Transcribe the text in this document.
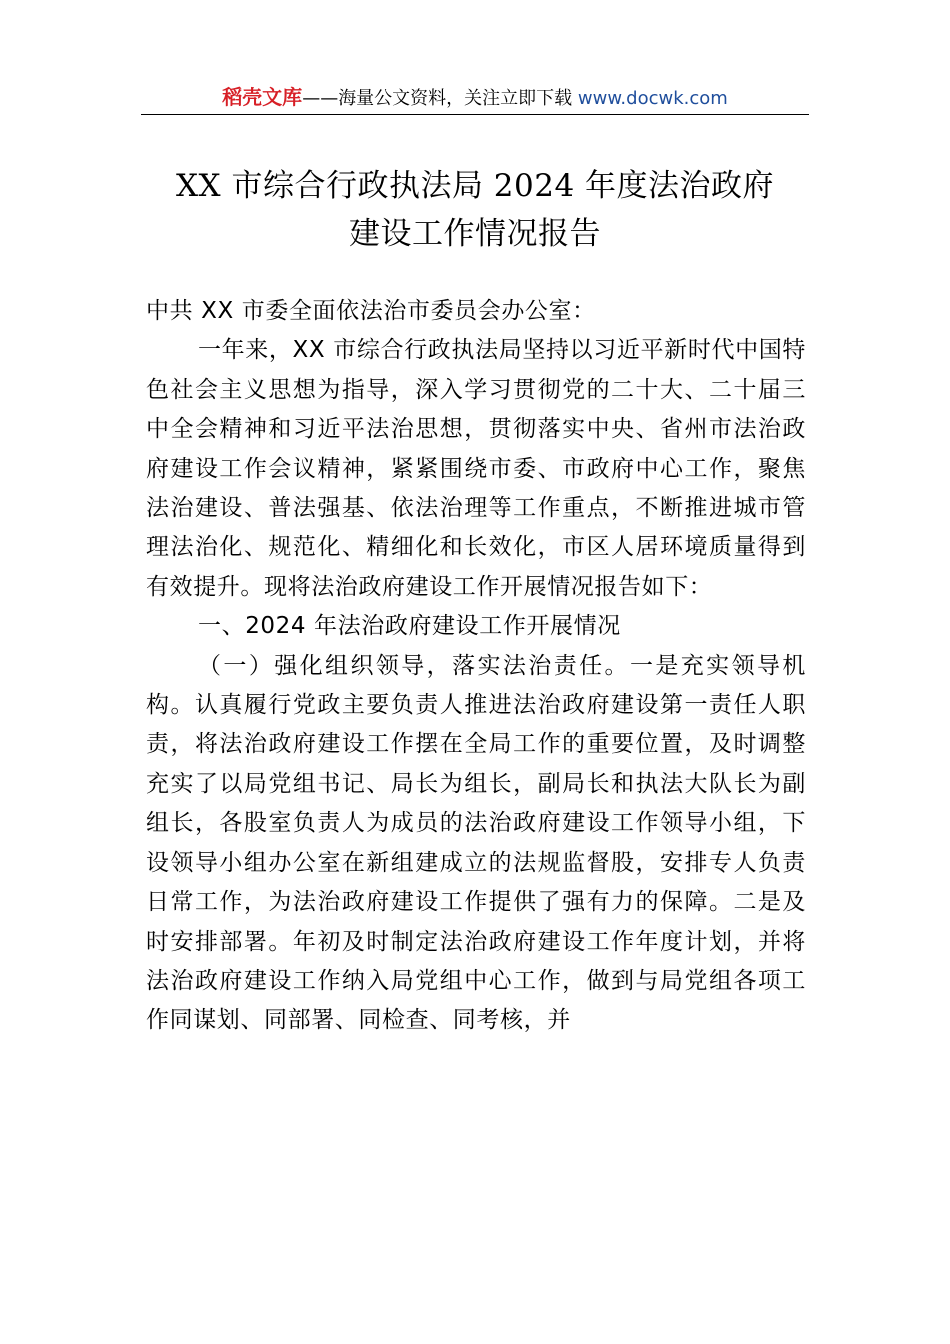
稻壳文库——海量公文资料，关注立即下载 www.docwk.com
XX 市综合行政执法局 2024 年度法治政府
建设工作情况报告

中共 XX 市委全面依法治市委员会办公室：

一年来，XX 市综合行政执法局坚持以习近平新时代中国特色社会主义思想为指导，深入学习贯彻党的二十大、二十届三中全会精神和习近平法治思想，贯彻落实中央、省州市法治政府建设工作会议精神，紧紧围绕市委、市政府中心工作，聚焦法治建设、普法强基、依法治理等工作重点，不断推进城市管理法治化、规范化、精细化和长效化，市区人居环境质量得到有效提升。现将法治政府建设工作开展情况报告如下：

一、2024 年法治政府建设工作开展情况

（一）强化组织领导，落实法治责任。一是充实领导机构。认真履行党政主要负责人推进法治政府建设第一责任人职责，将法治政府建设工作摆在全局工作的重要位置，及时调整充实了以局党组书记、局长为组长，副局长和执法大队长为副组长，各股室负责人为成员的法治政府建设工作领导小组，下设领导小组办公室在新组建成立的法规监督股，安排专人负责日常工作，为法治政府建设工作提供了强有力的保障。二是及时安排部署。年初及时制定法治政府建设工作年度计划，并将法治政府建设工作纳入局党组中心工作，做到与局党组各项工作同谋划、同部署、同检查、同考核，并
